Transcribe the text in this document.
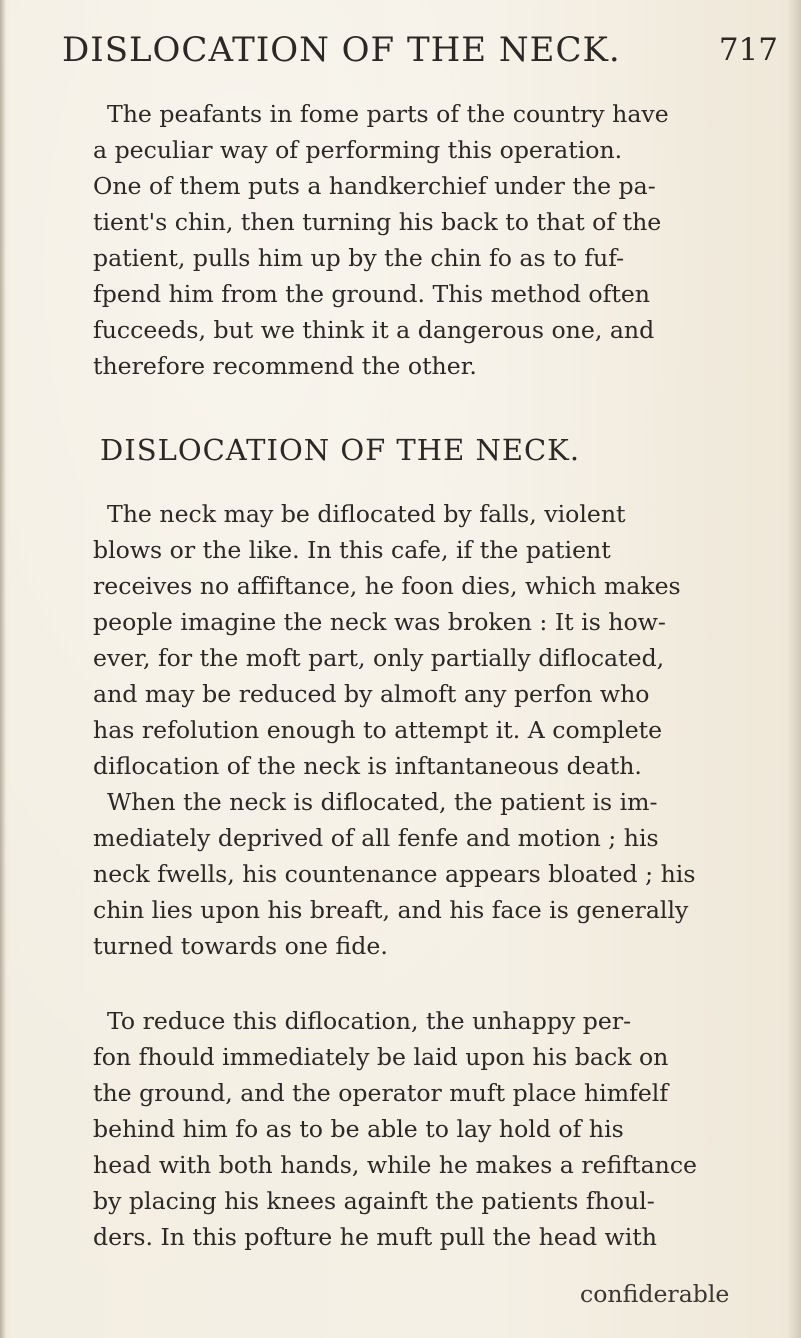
DISLOCATION OF THE NECK.	717

The peafants in fome parts of the country have
a peculiar way of performing this operation.
One of them puts a handkerchief under the pa-
tient's chin, then turning his back to that of the
patient, pulls him up by the chin fo as to fuf-
fpend him from the ground. This method often
fucceeds, but we think it a dangerous one, and
therefore recommend the other.

DISLOCATION OF THE NECK.

The neck may be diflocated by falls, violent
blows or the like. In this cafe, if the patient
receives no affiftance, he foon dies, which makes
people imagine the neck was broken : It is how-
ever, for the moft part, only partially diflocated,
and may be reduced by almoft any perfon who
has refolution enough to attempt it. A complete
diflocation of the neck is inftantaneous death.

When the neck is diflocated, the patient is im-
mediately deprived of all fenfe and motion ; his
neck fwells, his countenance appears bloated ; his
chin lies upon his breaft, and his face is generally
turned towards one fide.

To reduce this diflocation, the unhappy per-
fon fhould immediately be laid upon his back on
the ground, and the operator muft place himfelf
behind him fo as to be able to lay hold of his
head with both hands, while he makes a refiftance
by placing his knees againft the patients fhoul-
ders. In this pofture he muft pull the head with

confiderable
